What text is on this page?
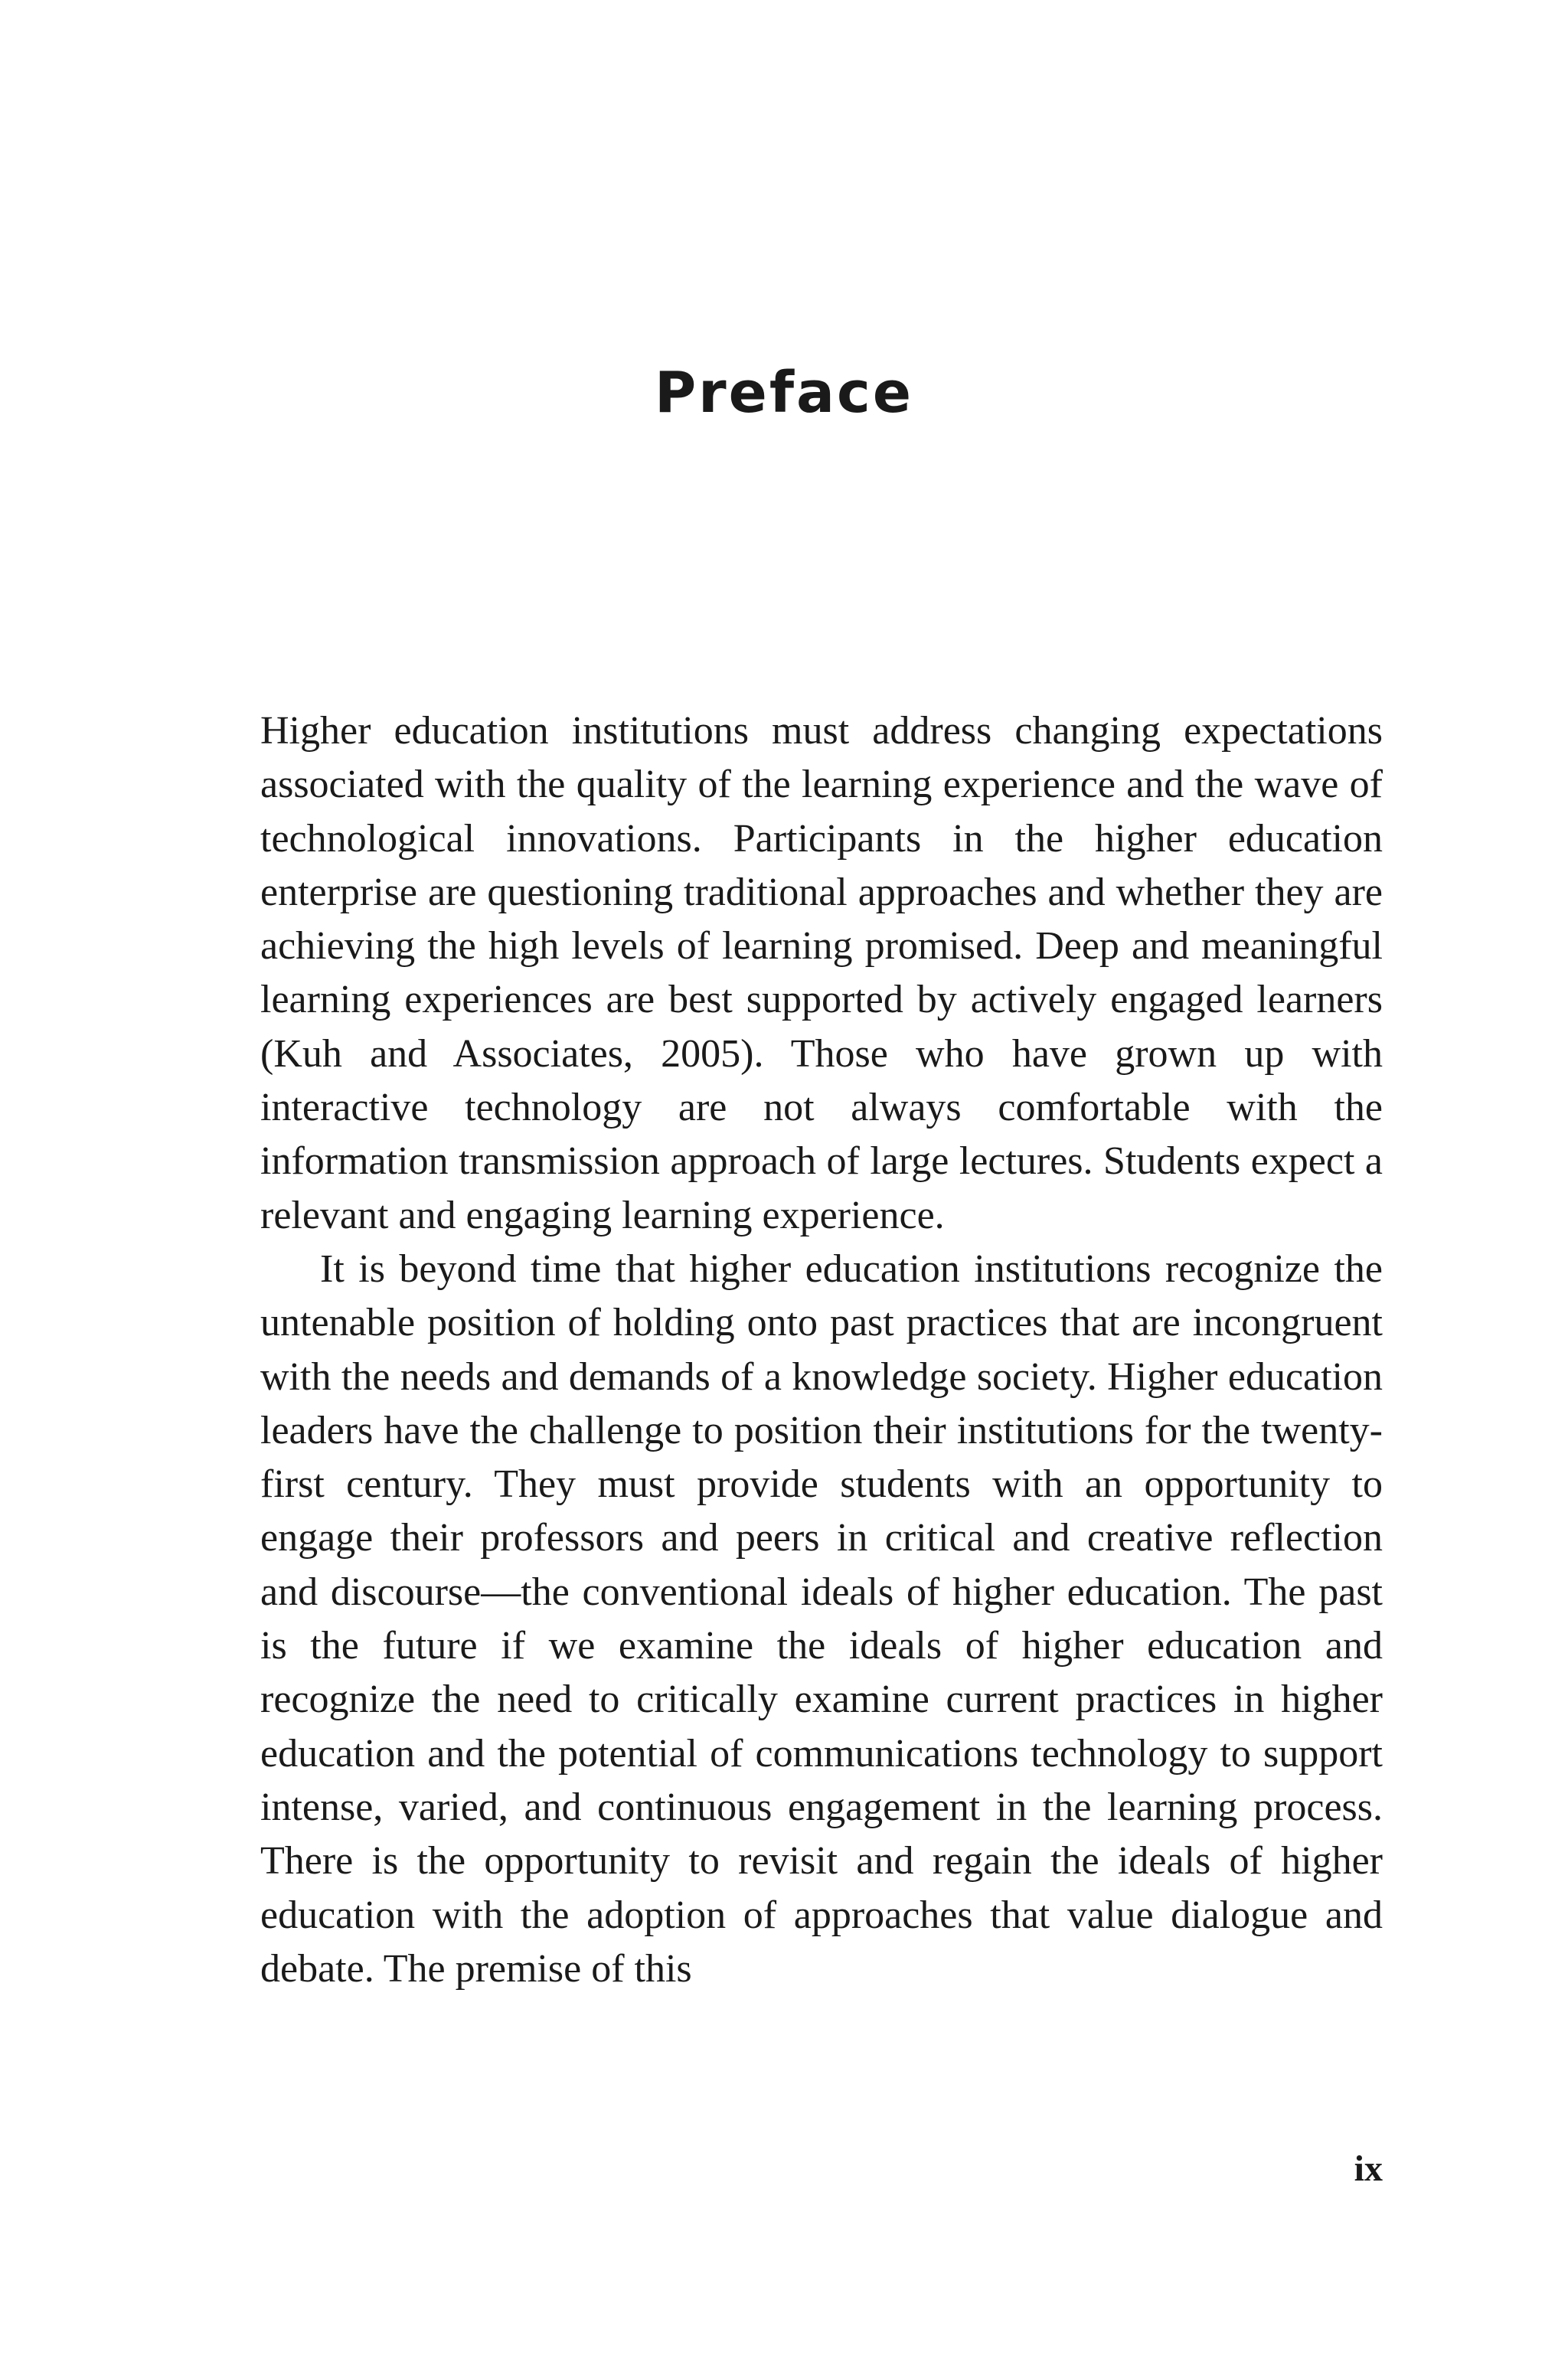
Preface

Higher education institutions must address changing expectations associated with the quality of the learning experience and the wave of technological innovations. Participants in the higher education enterprise are questioning traditional approaches and whether they are achieving the high levels of learning promised. Deep and meaningful learning experiences are best supported by actively engaged learners (Kuh and Associates, 2005). Those who have grown up with interactive technology are not always comfortable with the information transmission approach of large lectures. Students expect a relevant and engaging learning experience.

It is beyond time that higher education institutions recognize the untenable position of holding onto past practices that are incongruent with the needs and demands of a knowledge society. Higher education leaders have the challenge to position their institutions for the twenty-first century. They must provide students with an opportunity to engage their professors and peers in critical and creative reflection and discourse—the conventional ideals of higher education. The past is the future if we examine the ideals of higher education and recognize the need to critically examine current practices in higher education and the potential of communications technology to support intense, varied, and continuous engagement in the learning process. There is the opportunity to revisit and regain the ideals of higher education with the adoption of approaches that value dialogue and debate. The premise of this

ix
